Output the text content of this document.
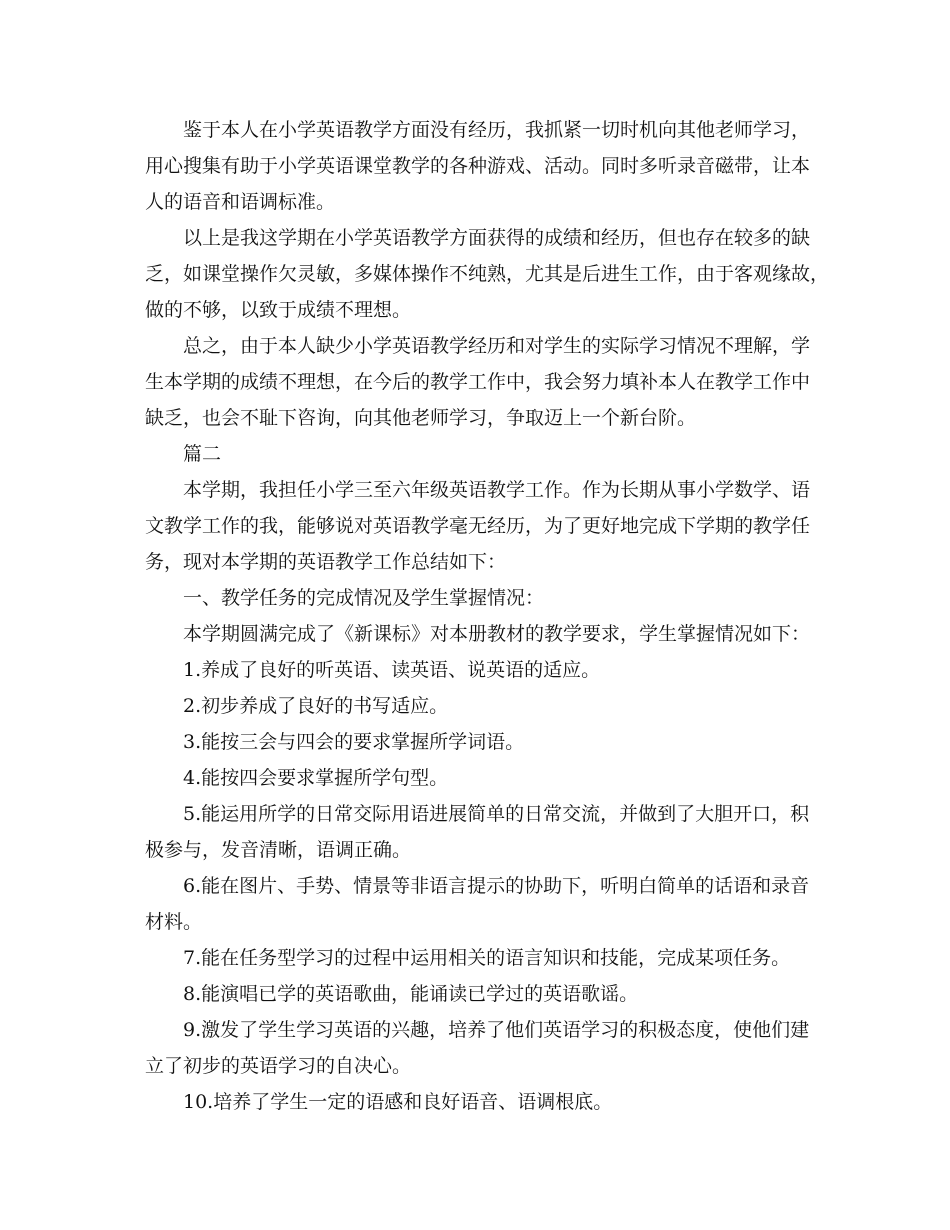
鉴于本人在小学英语教学方面没有经历，我抓紧一切时机向其他老师学习，
用心搜集有助于小学英语课堂教学的各种游戏、活动。同时多听录音磁带，让本
人的语音和语调标准。
以上是我这学期在小学英语教学方面获得的成绩和经历，但也存在较多的缺
乏，如课堂操作欠灵敏，多媒体操作不纯熟，尤其是后进生工作，由于客观缘故，
做的不够，以致于成绩不理想。
总之，由于本人缺少小学英语教学经历和对学生的实际学习情况不理解，学
生本学期的成绩不理想，在今后的教学工作中，我会努力填补本人在教学工作中
缺乏，也会不耻下咨询，向其他老师学习，争取迈上一个新台阶。
篇二
本学期，我担任小学三至六年级英语教学工作。作为长期从事小学数学、语
文教学工作的我，能够说对英语教学毫无经历，为了更好地完成下学期的教学任
务，现对本学期的英语教学工作总结如下：
一、教学任务的完成情况及学生掌握情况：
本学期圆满完成了《新课标》对本册教材的教学要求，学生掌握情况如下：
1.养成了良好的听英语、读英语、说英语的适应。
2.初步养成了良好的书写适应。
3.能按三会与四会的要求掌握所学词语。
4.能按四会要求掌握所学句型。
5.能运用所学的日常交际用语进展简单的日常交流，并做到了大胆开口，积
极参与，发音清晰，语调正确。
6.能在图片、手势、情景等非语言提示的协助下，听明白简单的话语和录音
材料。
7.能在任务型学习的过程中运用相关的语言知识和技能，完成某项任务。
8.能演唱已学的英语歌曲，能诵读已学过的英语歌谣。
9.激发了学生学习英语的兴趣，培养了他们英语学习的积极态度，使他们建
立了初步的英语学习的自决心。
10.培养了学生一定的语感和良好语音、语调根底。
